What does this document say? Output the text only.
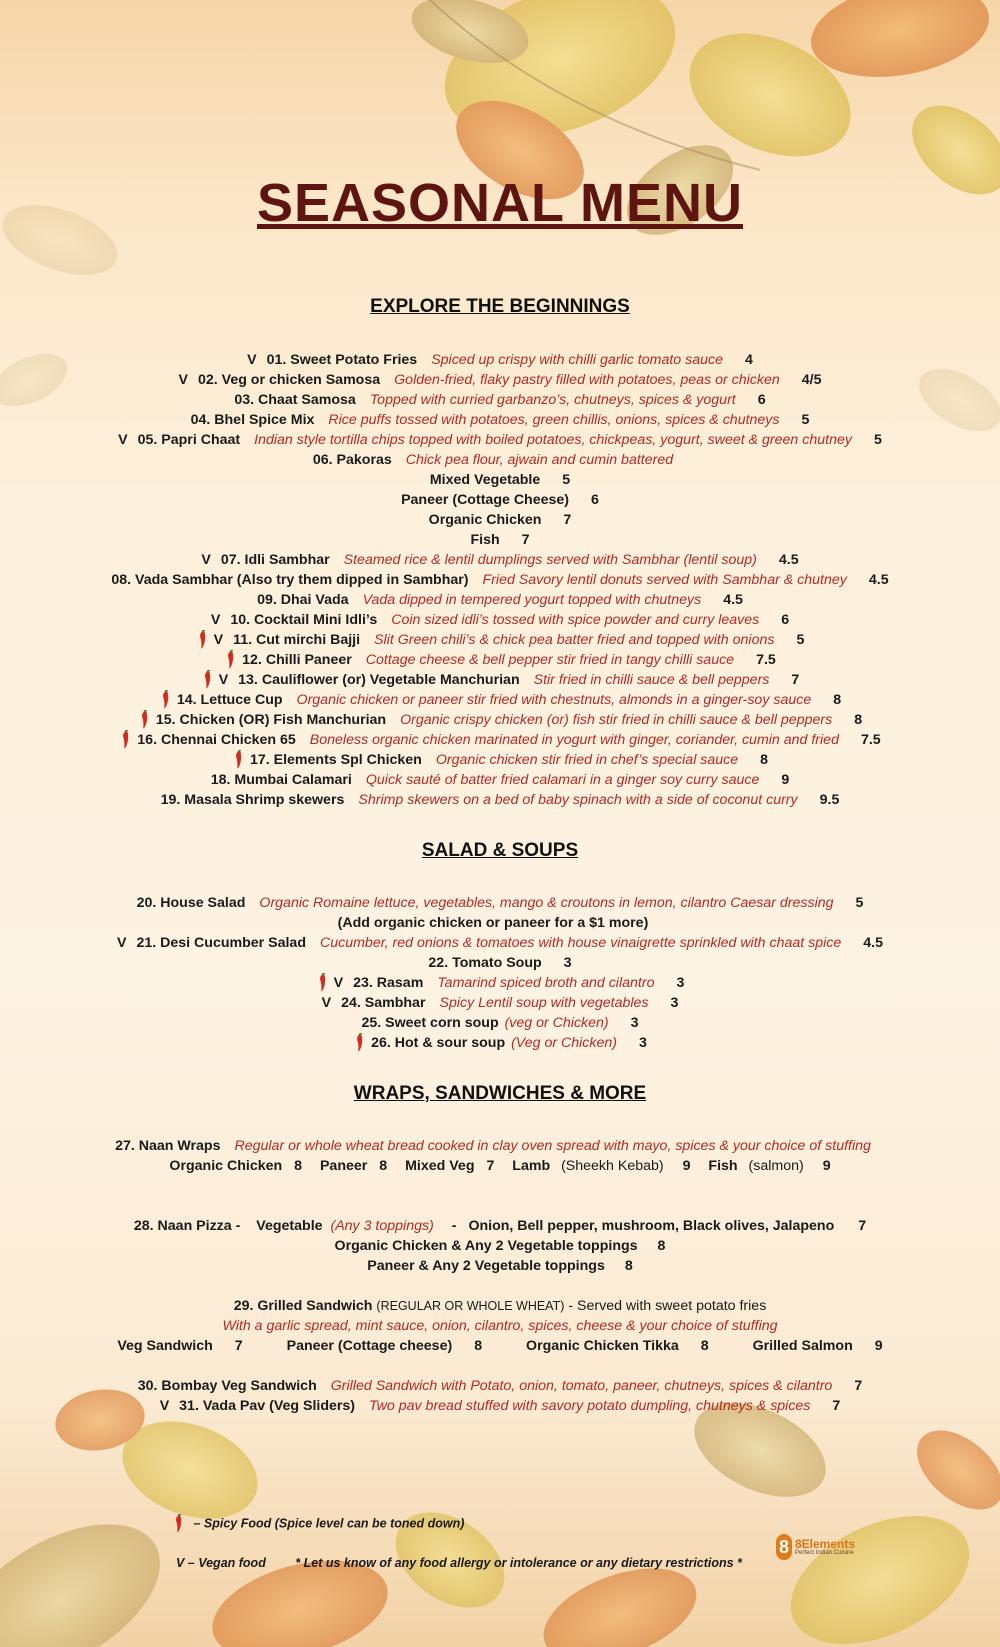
SEASONAL MENU
EXPLORE THE BEGINNINGS
V 01. Sweet Potato Fries Spiced up crispy with chilli garlic tomato sauce 4
V 02. Veg or chicken Samosa Golden-fried, flaky pastry filled with potatoes, peas or chicken 4/5
03. Chaat Samosa Topped with curried garbanzo’s, chutneys, spices & yogurt 6
04. Bhel Spice Mix Rice puffs tossed with potatoes, green chillis, onions, spices & chutneys 5
V 05. Papri Chaat Indian style tortilla chips topped with boiled potatoes, chickpeas, yogurt, sweet & green chutney 5
06. Pakoras Chick pea flour, ajwain and cumin battered
Mixed Vegetable 5
Paneer (Cottage Cheese) 6
Organic Chicken 7
Fish 7
V 07. Idli Sambhar Steamed rice & lentil dumplings served with Sambhar (lentil soup) 4.5
08. Vada Sambhar (Also try them dipped in Sambhar) Fried Savory lentil donuts served with Sambhar & chutney 4.5
09. Dhai Vada Vada dipped in tempered yogurt topped with chutneys 4.5
V 10. Cocktail Mini Idli’s Coin sized idli’s tossed with spice powder and curry leaves 6
V 11. Cut mirchi Bajji Slit Green chili’s & chick pea batter fried and topped with onions 5
12. Chilli Paneer Cottage cheese & bell pepper stir fried in tangy chilli sauce 7.5
V 13. Cauliflower (or) Vegetable Manchurian Stir fried in chilli sauce & bell peppers 7
14. Lettuce Cup Organic chicken or paneer stir fried with chestnuts, almonds in a ginger-soy sauce 8
15. Chicken (OR) Fish Manchurian Organic crispy chicken (or) fish stir fried in chilli sauce & bell peppers 8
16. Chennai Chicken 65 Boneless organic chicken marinated in yogurt with ginger, coriander, cumin and fried 7.5
17. Elements Spl Chicken Organic chicken stir fried in chef’s special sauce 8
18. Mumbai Calamari Quick sauté of batter fried calamari in a ginger soy curry sauce 9
19. Masala Shrimp skewers Shrimp skewers on a bed of baby spinach with a side of coconut curry 9.5
SALAD & SOUPS
20. House Salad Organic Romaine lettuce, vegetables, mango & croutons in lemon, cilantro Caesar dressing 5
(Add organic chicken or paneer for a $1 more)
V 21. Desi Cucumber Salad Cucumber, red onions & tomatoes with house vinaigrette sprinkled with chaat spice 4.5
22. Tomato Soup 3
V 23. Rasam Tamarind spiced broth and cilantro 3
V 24. Sambhar Spicy Lentil soup with vegetables 3
25. Sweet corn soup (veg or Chicken) 3
26. Hot & sour soup (Veg or Chicken) 3
WRAPS, SANDWICHES & MORE
27. Naan Wraps Regular or whole wheat bread cooked in clay oven spread with mayo, spices & your choice of stuffing
Organic Chicken 8 Paneer 8 Mixed Veg 7 Lamb (Sheekh Kebab) 9 Fish (salmon) 9
28. Naan Pizza - Vegetable (Any 3 toppings) - Onion, Bell pepper, mushroom, Black olives, Jalapeno 7
Organic Chicken & Any 2 Vegetable toppings 8
Paneer & Any 2 Vegetable toppings 8
29. Grilled Sandwich (REGULAR OR WHOLE WHEAT) - Served with sweet potato fries
With a garlic spread, mint sauce, onion, cilantro, spices, cheese & your choice of stuffing
Veg Sandwich 7	Paneer (Cottage cheese) 8	Organic Chicken Tikka 8	Grilled Salmon 9
30. Bombay Veg Sandwich Grilled Sandwich with Potato, onion, tomato, paneer, chutneys, spices & cilantro 7
V 31. Vada Pav (Veg Sliders) Two pav bread stuffed with savory potato dumpling, chutneys & spices 7
– Spicy Food (Spice level can be toned down)
V – Vegan food * Let us know of any food allergy or intolerance or any dietary restrictions *
8 8Elements
Perfect Indian Cuisine
